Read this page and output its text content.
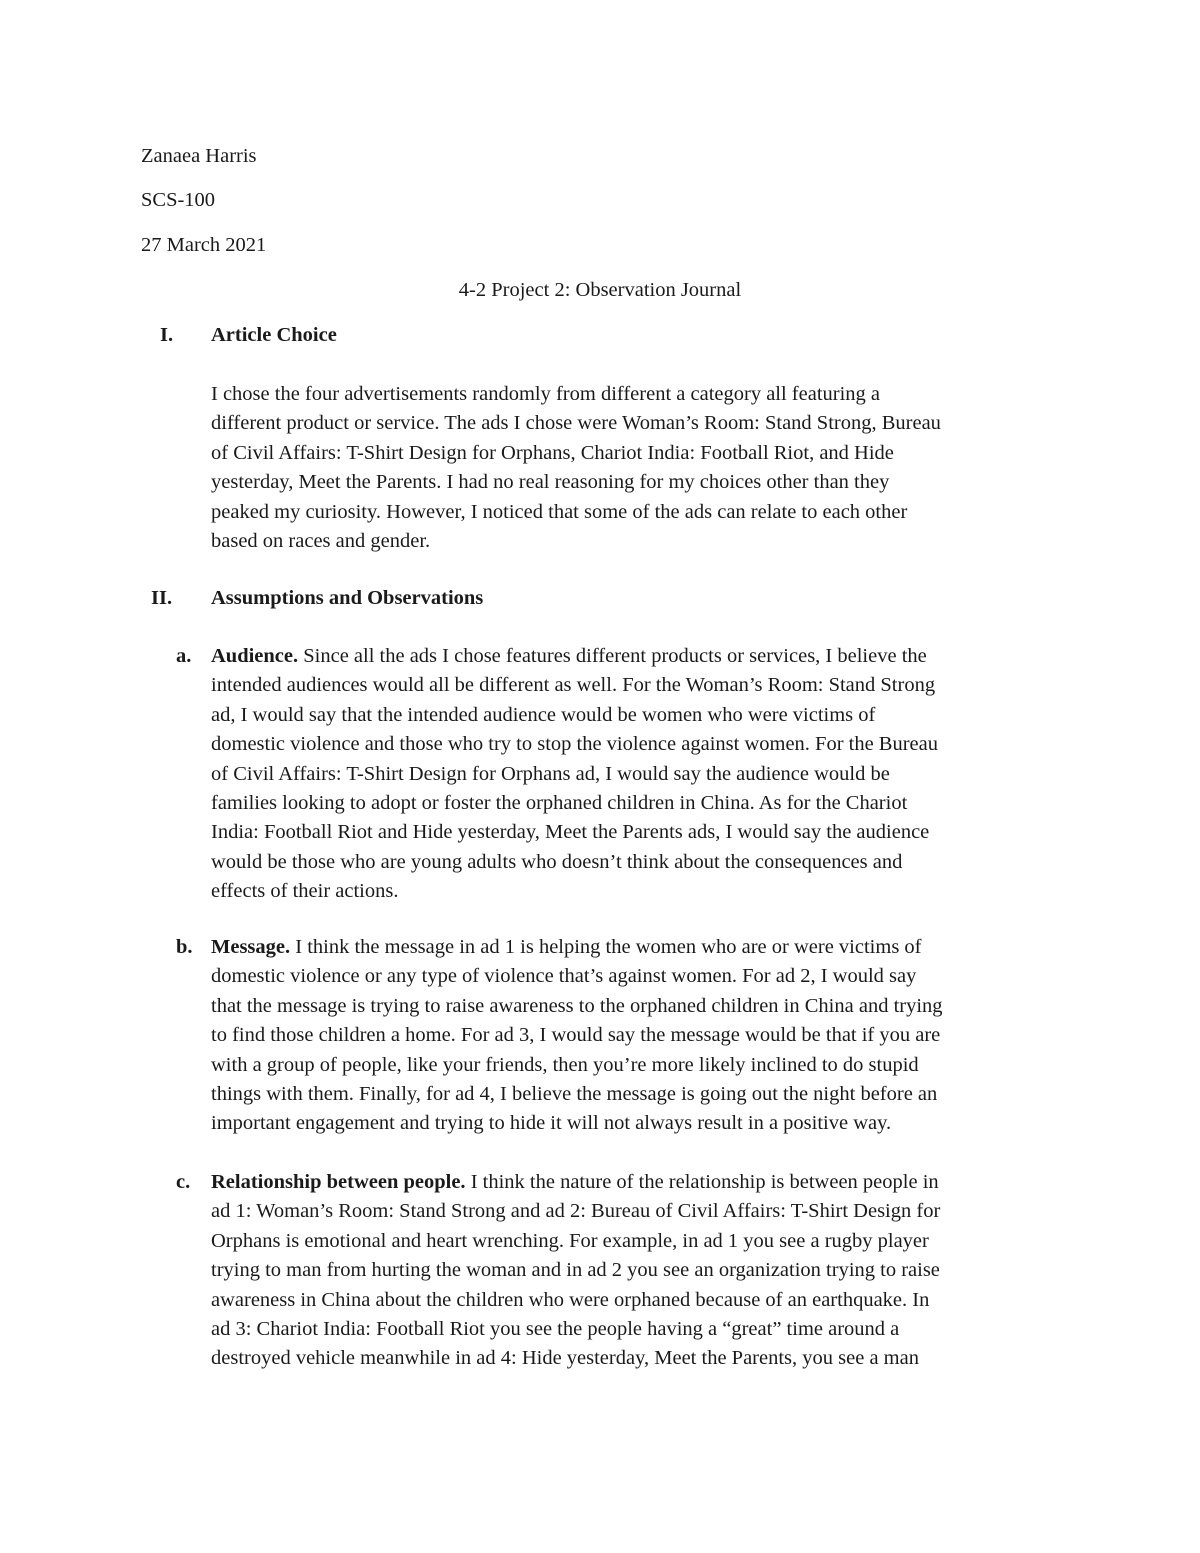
Zanaea Harris
SCS-100
27 March 2021
4-2 Project 2: Observation Journal
I. Article Choice
I chose the four advertisements randomly from different a category all featuring a
different product or service. The ads I chose were Woman’s Room: Stand Strong, Bureau
of Civil Affairs: T-Shirt Design for Orphans, Chariot India: Football Riot, and Hide
yesterday, Meet the Parents. I had no real reasoning for my choices other than they
peaked my curiosity. However, I noticed that some of the ads can relate to each other
based on races and gender.
II. Assumptions and Observations
a. Audience. Since all the ads I chose features different products or services, I believe the
intended audiences would all be different as well. For the Woman’s Room: Stand Strong
ad, I would say that the intended audience would be women who were victims of
domestic violence and those who try to stop the violence against women. For the Bureau
of Civil Affairs: T-Shirt Design for Orphans ad, I would say the audience would be
families looking to adopt or foster the orphaned children in China. As for the Chariot
India: Football Riot and Hide yesterday, Meet the Parents ads, I would say the audience
would be those who are young adults who doesn’t think about the consequences and
effects of their actions.
b. Message. I think the message in ad 1 is helping the women who are or were victims of
domestic violence or any type of violence that’s against women. For ad 2, I would say
that the message is trying to raise awareness to the orphaned children in China and trying
to find those children a home. For ad 3, I would say the message would be that if you are
with a group of people, like your friends, then you’re more likely inclined to do stupid
things with them. Finally, for ad 4, I believe the message is going out the night before an
important engagement and trying to hide it will not always result in a positive way.
c. Relationship between people. I think the nature of the relationship is between people in
ad 1: Woman’s Room: Stand Strong and ad 2: Bureau of Civil Affairs: T-Shirt Design for
Orphans is emotional and heart wrenching. For example, in ad 1 you see a rugby player
trying to man from hurting the woman and in ad 2 you see an organization trying to raise
awareness in China about the children who were orphaned because of an earthquake. In
ad 3: Chariot India: Football Riot you see the people having a “great” time around a
destroyed vehicle meanwhile in ad 4: Hide yesterday, Meet the Parents, you see a man
